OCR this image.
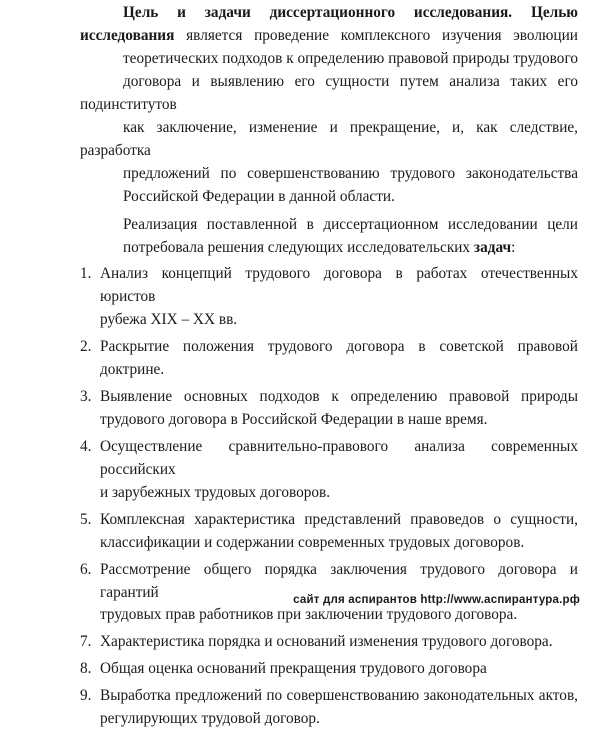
Цель и задачи диссертационного исследования. Целью исследования является проведение комплексного изучения эволюции
теоретических подходов к определению правовой природы трудового
договора и выявлению его сущности путем анализа таких его подинститутов
как заключение, изменение и прекращение, и, как следствие, разработка
предложений по совершенствованию трудового законодательства
Российской Федерации в данной области.

Реализация поставленной в диссертационном исследовании цели
потребовала решения следующих исследовательских задач:

1. Анализ концепций трудового договора в работах отечественных юристов
рубежа XIX – XX вв.
2. Раскрытие положения трудового договора в советской правовой доктрине.
3. Выявление основных подходов к определению правовой природы
трудового договора в Российской Федерации в наше время.
4. Осуществление сравнительно-правового анализа современных российских
и зарубежных трудовых договоров.
5. Комплексная характеристика представлений правоведов о сущности,
классификации и содержании современных трудовых договоров.
6. Рассмотрение общего порядка заключения трудового договора и гарантий
трудовых прав работников при заключении трудового договора.
7. Характеристика порядка и оснований изменения трудового договора.
8. Общая оценка оснований прекращения трудового договора
9. Выработка предложений по совершенствованию законодательных актов,
регулирующих трудовой договор.
сайт для аспирантов http://www.аспирантура.рф
